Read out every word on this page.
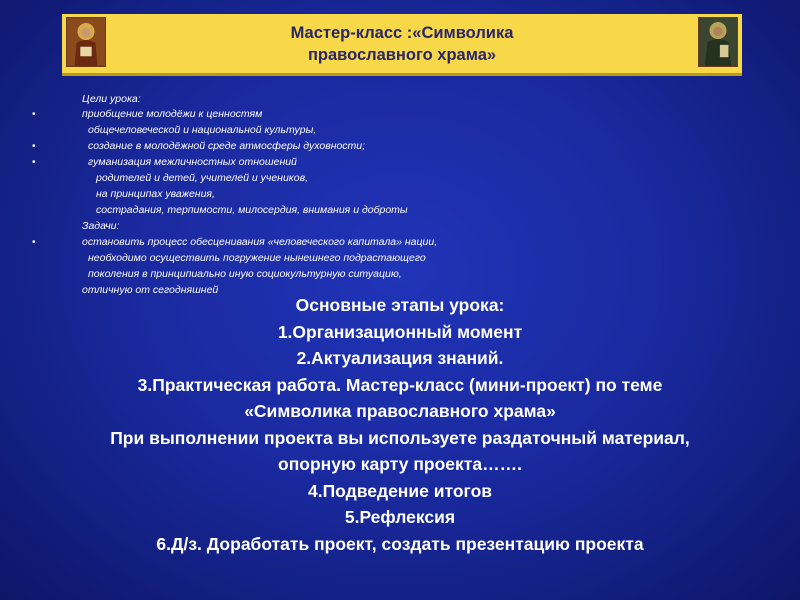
Мастер-класс :«Символика
православного храма»
Цели урока:
•	приобщение молодёжи к ценностям
общечеловеческой и национальной культуры,
•	создание в молодёжной среде атмосферы духовности;
•	гуманизация межличностных отношений
родителей и детей, учителей и учеников,
на принципах уважения,
сострадания, терпимости, милосердия, внимания и доброты
Задачи:
•	остановить процесс обесценивания «человеческого капитала» нации,
необходимо осуществить погружение нынешнего подрастающего
поколения в принципиально иную социокультурную ситуацию,
отличную от сегодняшней
Основные этапы урока:
1.Организационный момент
2.Актуализация знаний.
3.Практическая работа. Мастер-класс (мини-проект) по теме
«Символика православного храма»
При выполнении проекта вы используете раздаточный материал,
опорную карту проекта…….
4.Подведение итогов
5.Рефлексия
6.Д/з. Доработать проект, создать презентацию проекта
